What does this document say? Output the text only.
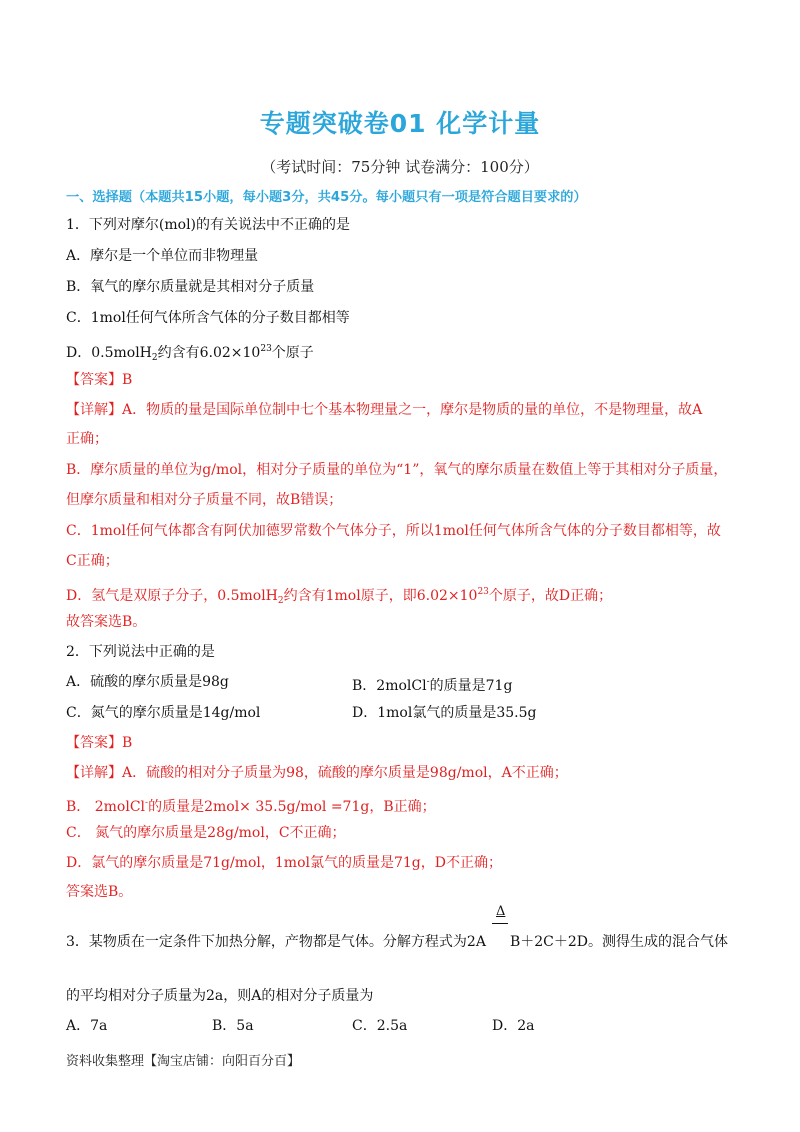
专题突破卷01 化学计量
（考试时间：75分钟 试卷满分：100分）
一、选择题（本题共15小题，每小题3分，共45分。每小题只有一项是符合题目要求的）
1．下列对摩尔(mol)的有关说法中不正确的是
A．摩尔是一个单位而非物理量
B．氧气的摩尔质量就是其相对分子质量
C．1mol任何气体所含气体的分子数目都相等
D．0.5molH$_2$约含有$6.02\times 10^{23}$个原子
【答案】B
【详解】A．物质的量是国际单位制中七个基本物理量之一，摩尔是物质的量的单位，不是物理量，故A
正确；
B．摩尔质量的单位为g/mol，相对分子质量的单位为“1”，氧气的摩尔质量在数值上等于其相对分子质量，
但摩尔质量和相对分子质量不同，故B错误；
C．1mol任何气体都含有阿伏加德罗常数个气体分子，所以1mol任何气体所含气体的分子数目都相等，故
C正确；
D．氢气是双原子分子，0.5molH$_2$约含有1mol原子，即$6.02\times 10^{23}$个原子，故D正确；
故答案选B。
2．下列说法中正确的是
A．硫酸的摩尔质量是98g	B．2molCl-的质量是71g
C．氮气的摩尔质量是14g/mol	D．1mol氯气的质量是35.5g
【答案】B
【详解】A．硫酸的相对分子质量为98，硫酸的摩尔质量是98g/mol，A不正确；
B． 2molCl-的质量是2mol× 35.5g/mol =71g，B正确；
C． 氮气的摩尔质量是28g/mol，C不正确；
D．氯气的摩尔质量是71g/mol，1mol氯气的质量是71g，D不正确；
答案选B。
Δ
3．某物质在一定条件下加热分解，产物都是气体。分解方程式为2A B＋2C＋2D。测得生成的混合气体
的平均相对分子质量为2a，则A的相对分子质量为
A．7a	B．5a	C．2.5a	D．2a
资料收集整理【淘宝店铺：向阳百分百】
